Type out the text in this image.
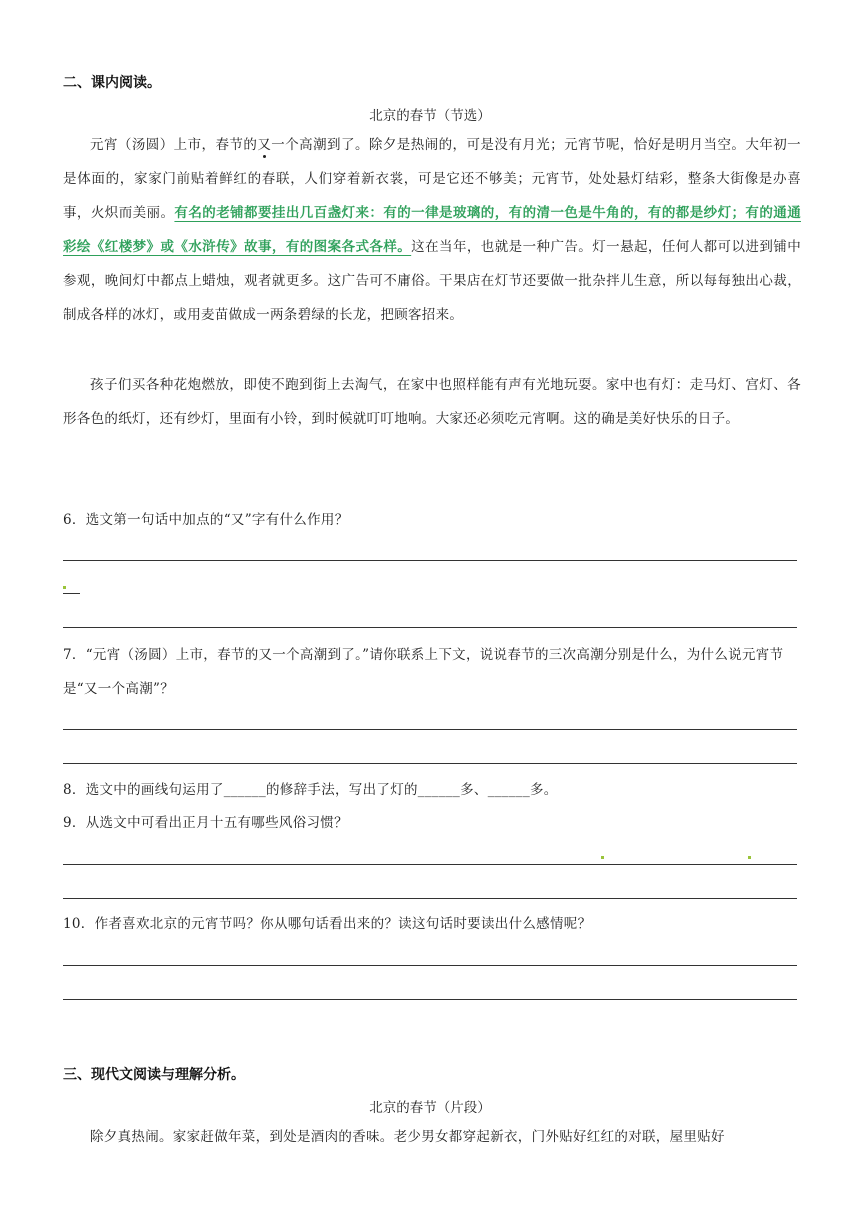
二、课内阅读。
北京的春节（节选）
元宵（汤圆）上市，春节的又一个高潮到了。除夕是热闹的，可是没有月光；元宵节呢，恰好是明月当空。大年初一是体面的，家家门前贴着鲜红的春联，人们穿着新衣裳，可是它还不够美；元宵节，处处悬灯结彩，整条大街像是办喜事，火炽而美丽。有名的老铺都要挂出几百盏灯来：有的一律是玻璃的，有的清一色是牛角的，有的都是纱灯；有的通通彩绘《红楼梦》或《水浒传》故事，有的图案各式各样。这在当年，也就是一种广告。灯一悬起，任何人都可以进到铺中参观，晚间灯中都点上蜡烛，观者就更多。这广告可不庸俗。干果店在灯节还要做一批杂拌儿生意，所以每每独出心裁，制成各样的冰灯，或用麦苗做成一两条碧绿的长龙，把顾客招来。
孩子们买各种花炮燃放，即使不跑到街上去淘气，在家中也照样能有声有光地玩耍。家中也有灯：走马灯、宫灯、各形各色的纸灯，还有纱灯，里面有小铃，到时候就叮叮地响。大家还必须吃元宵啊。这的确是美好快乐的日子。
6．选文第一句话中加点的“又”字有什么作用？
7．“元宵（汤圆）上市，春节的又一个高潮到了。”请你联系上下文，说说春节的三次高潮分别是什么，为什么说元宵节是“又一个高潮”？
8．选文中的画线句运用了______的修辞手法，写出了灯的______多、______多。
9．从选文中可看出正月十五有哪些风俗习惯？
10．作者喜欢北京的元宵节吗？你从哪句话看出来的？读这句话时要读出什么感情呢？
三、现代文阅读与理解分析。
北京的春节（片段）
除夕真热闹。家家赶做年菜，到处是酒肉的香味。老少男女都穿起新衣，门外贴好红红的对联，屋里贴好
